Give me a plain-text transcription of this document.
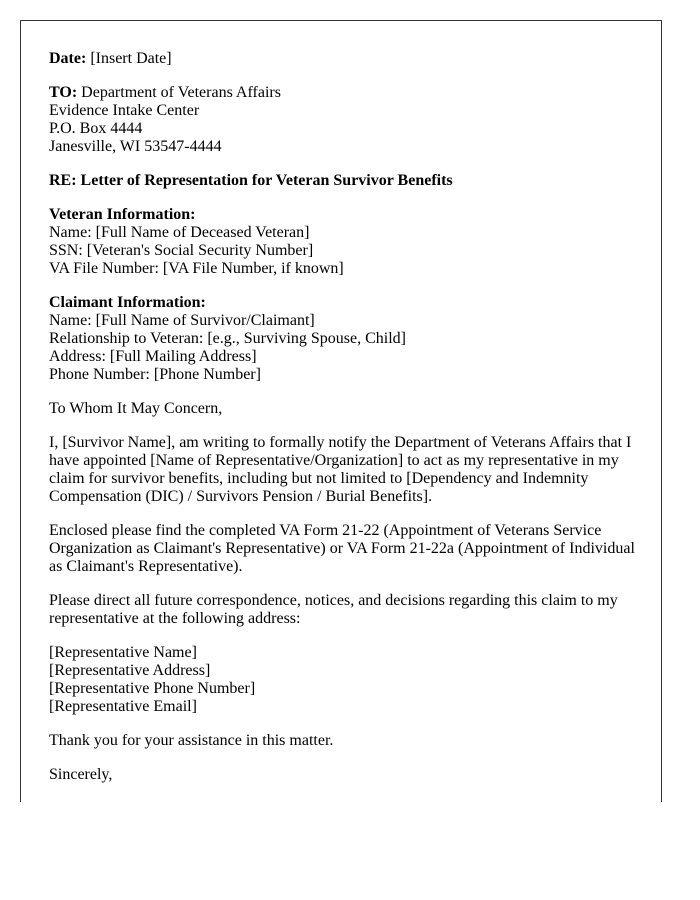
Date: [Insert Date]
TO: Department of Veterans Affairs
Evidence Intake Center
P.O. Box 4444
Janesville, WI 53547-4444
RE: Letter of Representation for Veteran Survivor Benefits
Veteran Information:
Name: [Full Name of Deceased Veteran]
SSN: [Veteran's Social Security Number]
VA File Number: [VA File Number, if known]
Claimant Information:
Name: [Full Name of Survivor/Claimant]
Relationship to Veteran: [e.g., Surviving Spouse, Child]
Address: [Full Mailing Address]
Phone Number: [Phone Number]

To Whom It May Concern,

I, [Survivor Name], am writing to formally notify the Department of Veterans Affairs that I have appointed [Name of Representative/Organization] to act as my representative in my claim for survivor benefits, including but not limited to [Dependency and Indemnity Compensation (DIC) / Survivors Pension / Burial Benefits].

Enclosed please find the completed VA Form 21-22 (Appointment of Veterans Service Organization as Claimant's Representative) or VA Form 21-22a (Appointment of Individual as Claimant's Representative).

Please direct all future correspondence, notices, and decisions regarding this claim to my representative at the following address:

[Representative Name]
[Representative Address]
[Representative Phone Number]
[Representative Email]

Thank you for your assistance in this matter.

Sincerely,
